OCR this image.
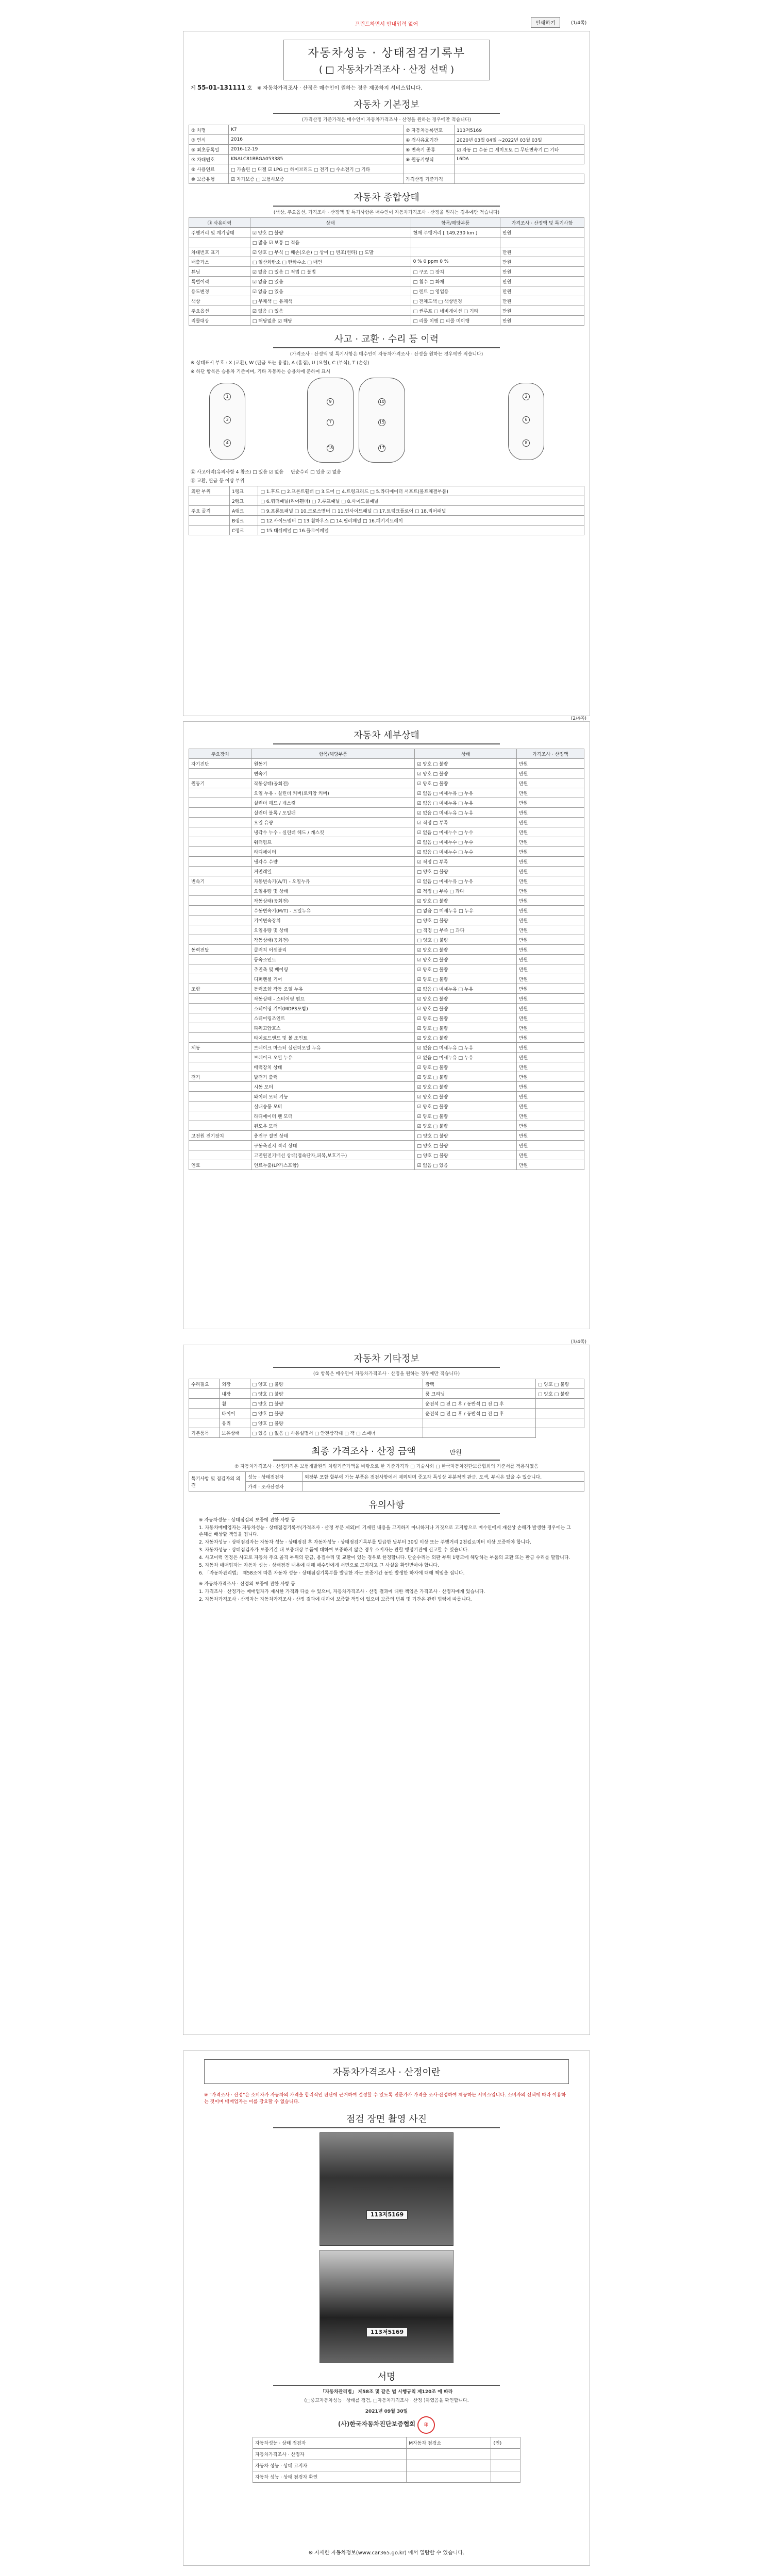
프린트하면서 안내입력 없어	인쇄하기	(1/4쪽)
자동차성능 · 상태점검기록부
( □ 자동차가격조사 · 산정 선택 )
제 55-01-131111 호 ※ 자동차가격조사 · 산정은 매수인이 원하는 경우 제공하지 서비스입니다.
자동차 기본정보
(가격산정 가준가격은 매수인이 자동차가격조사 · 산정을 원하는 경우에만 적습니다)
① 차명	K7	② 자동차등록번호	113저5169
③ 연식	2016	④ 검사유효기간	2020년 03월 04일 ~2022년 03월 03일
⑤ 최초등록일	2016-12-19	⑥ 변속기 종류	☑ 자동 □ 수동 □ 세미오토 □ 무단변속기 □ 기타
⑦ 차대번호	KNALC81BBGA053385	⑧ 원동기형식	L6DA
⑨ 사용연료	□ 가솔린 □ 디젤 ☑ LPG □ 하이브리드 □ 전기 □ 수소전기 □ 기타		
⑩ 보증유형	☑ 자가보증 □ 보험사보증	가격산정 기준가격	
자동차 종합상태
(색상, 주요옵션, 가격조사 · 산정액 및 특기사항은 매수인이 자동차가격조사 · 산정을 원하는 경우에만 적습니다)
⑪ 사용이력	상태	항목/해당부품	가격조사 · 산정액 및 특기사항
주행거리 및 계기상태	☑ 양호 □ 불량	현재 주행거리 [ 149,230 km ]	만원
	□ 많음 ☑ 보통 □ 적음		
차대번호 표기	☑ 양호 □ 부식 □ 훼손(오손) □ 상이 □ 변조(변타) □ 도말		만원
배출가스	□ 일산화탄소 □ 탄화수소 □ 매연	0 % 0 ppm 0 %	만원
튜닝	☑ 없음 □ 있음 □ 적법 □ 불법	□ 구조 □ 장치	만원
특별이력	☑ 없음 □ 있음	□ 침수 □ 화재	만원
용도변경	☑ 없음 □ 있음	□ 렌트 □ 영업용	만원
색상	□ 무채색 □ 유채색	□ 전체도색 □ 색상변경	만원
주요옵션	☑ 없음 □ 있음	□ 썬루프 □ 네비게이션 □ 기타	만원
리콜대상	□ 해당없음 ☑ 해당	□ 리콜 이행 □ 리콜 미이행	만원
사고 · 교환 · 수리 등 이력
(가격조사 · 산정액 및 특기사항은 매수인이 자동차가격조사 · 산정을 원하는 경우에만 적습니다)
※ 상태표시 부호 : X (교환), W (판금 또는 용접), A (흠집), U (요철), C (부식), T (손상)
※ 하단 항목은 승용차 기준이며, 기타 자동차는 승용차에 준하여 표시
1
3
4
9
7
18
10
15
17
2
6
8
⑫ 사고이력(유의사항 4 참조) □ 있음 ☑ 없음 단순수리 □ 있음 ☑ 없음
⑬ 교환, 판금 등 이상 부위
외판 부위	1랭크	□ 1.후드 □ 2.프론트휀더 □ 3.도어 □ 4.트렁크리드 □ 5.라디에이터 서포트(볼트체결부품)
	2랭크	□ 6.쿼터패널(리어휀더) □ 7.루프패널 □ 8.사이드실패널
주요 골격	A랭크	□ 9.프론트패널 □ 10.크로스멤버 □ 11.인사이드패널 □ 17.트렁크플로어 □ 18.리어패널
	B랭크	□ 12.사이드멤버 □ 13.휠하우스 □ 14.필러패널 □ 16.패키지트레이
	C랭크	□ 15.대쉬패널 □ 16.플로어패널
(2/4쪽)
자동차 세부상태
주요장치	항목/해당부품	상태	가격조사 · 산정액
자기진단	원동기	☑ 양호 □ 불량	만원
	변속기	☑ 양호 □ 불량	만원
원동기	작동상태(공회전)	☑ 양호 □ 불량	만원
	오일 누유 - 실린더 커버(로커암 커버)	☑ 없음 □ 미세누유 □ 누유	만원
	실린더 헤드 / 개스킷	☑ 없음 □ 미세누유 □ 누유	만원
	실린더 블록 / 오일팬	☑ 없음 □ 미세누유 □ 누유	만원
	오일 유량	☑ 적정 □ 부족	만원
	냉각수 누수 - 실린더 헤드 / 개스킷	☑ 없음 □ 미세누수 □ 누수	만원
	워터펌프	☑ 없음 □ 미세누수 □ 누수	만원
	라디에이터	☑ 없음 □ 미세누수 □ 누수	만원
	냉각수 수량	☑ 적정 □ 부족	만원
	커먼레일	□ 양호 □ 불량	만원
변속기	자동변속기(A/T) - 오일누유	☑ 없음 □ 미세누유 □ 누유	만원
	오일유량 및 상태	☑ 적정 □ 부족 □ 과다	만원
	작동상태(공회전)	☑ 양호 □ 불량	만원
	수동변속기(M/T) - 오일누유	□ 없음 □ 미세누유 □ 누유	만원
	기어변속장치	□ 양호 □ 불량	만원
	오일유량 및 상태	□ 적정 □ 부족 □ 과다	만원
	작동상태(공회전)	□ 양호 □ 불량	만원
동력전달	클러치 어셈블리	☑ 양호 □ 불량	만원
	등속조인트	☑ 양호 □ 불량	만원
	추진축 및 베어링	☑ 양호 □ 불량	만원
	디퍼렌셜 기어	☑ 양호 □ 불량	만원
조향	동력조향 작동 오일 누유	☑ 없음 □ 미세누유 □ 누유	만원
	작동상태 - 스티어링 펌프	☑ 양호 □ 불량	만원
	스티어링 기어(MDPS포함)	☑ 양호 □ 불량	만원
	스티어링조인트	☑ 양호 □ 불량	만원
	파워고압호스	☑ 양호 □ 불량	만원
	타이로드엔드 및 볼 조인트	☑ 양호 □ 불량	만원
제동	브레이크 마스터 실린더오일 누유	☑ 없음 □ 미세누유 □ 누유	만원
	브레이크 오일 누유	☑ 없음 □ 미세누유 □ 누유	만원
	배력장치 상태	☑ 양호 □ 불량	만원
전기	발전기 출력	☑ 양호 □ 불량	만원
	시동 모터	☑ 양호 □ 불량	만원
	와이퍼 모터 기능	☑ 양호 □ 불량	만원
	실내송풍 모터	☑ 양호 □ 불량	만원
	라디에이터 팬 모터	☑ 양호 □ 불량	만원
	윈도우 모터	☑ 양호 □ 불량	만원
고전원 전기장치	충전구 절연 상태	□ 양호 □ 불량	만원
	구동축전지 격리 상태	□ 양호 □ 불량	만원
	고전원전기배선 상태(접속단자,피복,보호기구)	□ 양호 □ 불량	만원
연료	연료누출(LP가스포함)	☑ 없음 □ 있음	만원
(3/4쪽)
자동차 기타정보
(① 항목은 매수인이 자동차가격조사 · 산정을 원하는 경우에만 적습니다)
수리필요	외장	□ 양호 □ 불량	광택	□ 양호 □ 불량
	내장	□ 양호 □ 불량	룸 크리닝	□ 양호 □ 불량
	휠	□ 양호 □ 불량	운전석 □ 전 □ 후 / 동반석 □ 전 □ 후	
	타이어	□ 양호 □ 불량	운전석 □ 전 □ 후 / 동반석 □ 전 □ 후	
	유리	□ 양호 □ 불량		
기본품목	보유상태	□ 있음 □ 없음 □ 사용설명서 □ 안전삼각대 □ 잭 □ 스패너		
최종 가격조사 · 산정 금액	만원
⑦ 자동차가격조사 · 산정가격은 보험개발원의 차량기준가액을 바탕으로 한 기준가격과 □ 기술사회 □ 한국자동차진단보증협회의 기준서를 적용하였음
특기사항 및 점검자의 의견	성능 · 상태점검자	외장부 포함 할부에 가능 부품은 점검사항에서 제외되며 중고차 특성상 부분적인 판금, 도색, 부식은 있을 수 있습니다.
	가격 · 조사산정자	
유의사항

※ 자동차성능 · 상태점검의 보증에 관한 사항 등

1. 자동차매매업자는 자동차성능 · 상태점검기록부(가격조사 · 산정 부분 제외)에 기재된 내용을 고지하지 아니하거나 거짓으로 고지함으로 매수인에게 재산상 손해가 발생한 경우에는 그 손해를 배상할 책임을 집니다.

2. 자동차성능 · 상태점검자는 자동차 성능 · 상태점검 후 자동차성능 · 상태점검기록부를 발급한 날부터 30일 이상 또는 주행거리 2천킬로미터 이상 보증해야 합니다.

3. 자동차성능 · 상태점검자가 보증기간 내 보증대상 부품에 대하여 보증하지 않은 경우 소비자는 관할 행정기관에 신고할 수 있습니다.

4. 사고이력 인정은 사고로 자동차 주요 골격 부위의 판금, 용접수리 및 교환이 있는 경우로 한정합니다. 단순수리는 외판 부위 1랭크에 해당하는 부품의 교환 또는 판금 수리를 말합니다.

5. 자동차 매매업자는 자동차 성능 · 상태점검 내용에 대해 매수인에게 서면으로 고지하고 그 사실을 확인받아야 합니다.

6. 「자동차관리법」 제58조에 따른 자동차 성능 · 상태점검기록부를 발급한 자는 보증기간 동안 발생한 하자에 대해 책임을 집니다.

※ 자동차가격조사 · 산정의 보증에 관한 사항 등

1. 가격조사 · 산정가는 매매업자가 제시한 가격과 다를 수 있으며, 자동차가격조사 · 산정 결과에 대한 책임은 가격조사 · 산정자에게 있습니다.

2. 자동차가격조사 · 산정자는 자동차가격조사 · 산정 결과에 대하여 보증할 책임이 있으며 보증의 범위 및 기간은 관련 법령에 따릅니다.

자동차가격조사 · 산정이란
※ "가격조사 · 산정"은 소비자가 자동차의 가격을 합리적인 판단에 근거하여 결정할 수 있도록 전문가가 가격을 조사·산정하여 제공하는 서비스입니다. 소비자의 선택에 따라 이용하는 것이며 매매업자는 이를 강요할 수 없습니다.
점검 장면 촬영 사진
113저5169
113저5169
서명
「자동차관리법」 제58조 및 같은 법 시행규칙 제120조 에 따라
(□중고자동차성능 · 상태를 점검, □자동차가격조사 · 산정 )하였음을 확인합니다.
2021년 09월 30일
(사)한국자동차진단보증협회 印
자동차성능 · 상태 점검자	M자동차 점검소	(인)
자동차가격조사 · 산정자		
자동차 성능 · 상태 고지자		
자동차 성능 · 상태 점검자 확인		
※ 자세한 자동차정보(www.car365.go.kr) 에서 열람할 수 있습니다.
